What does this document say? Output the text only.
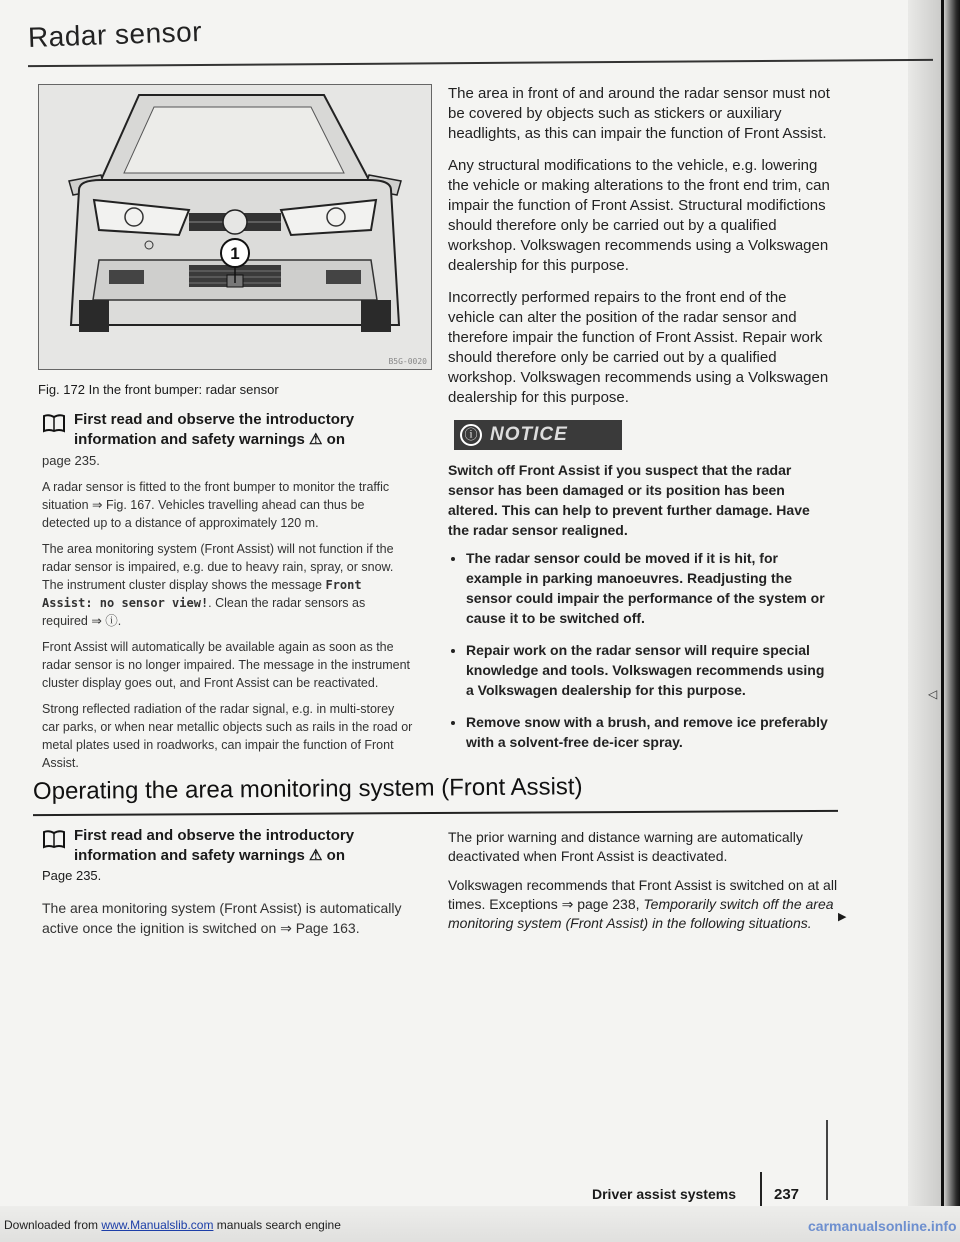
Radar sensor
1
B5G-0020
Fig. 172 In the front bumper: radar sensor
First read and observe the introductory information and safety warnings ⚠ on

page 235.

A radar sensor is fitted to the front bumper to monitor the traffic situation ⇒ Fig. 167. Vehicles travelling ahead can thus be detected up to a distance of approximately 120 m.

The area monitoring system (Front Assist) will not function if the radar sensor is impaired, e.g. due to heavy rain, spray, or snow. The instrument cluster display shows the message Front Assist: no sensor view!. Clean the radar sensors as required ⇒ ⓘ.

Front Assist will automatically be available again as soon as the radar sensor is no longer impaired. The message in the instrument cluster display goes out, and Front Assist can be reactivated.

Strong reflected radiation of the radar signal, e.g. in multi-storey car parks, or when near metallic objects such as rails in the road or metal plates used in roadworks, can impair the function of Front Assist.

The area in front of and around the radar sensor must not be covered by objects such as stickers or auxiliary headlights, as this can impair the function of Front Assist.

Any structural modifications to the vehicle, e.g. lowering the vehicle or making alterations to the front end trim, can impair the function of Front Assist. Structural modifictions should therefore only be carried out by a qualified workshop. Volkswagen recommends using a Volkswagen dealership for this purpose.

Incorrectly performed repairs to the front end of the vehicle can alter the position of the radar sensor and therefore impair the function of Front Assist. Repair work should therefore only be carried out by a qualified workshop. Volkswagen recommends using a Volkswagen dealership for this purpose.

ⓘ NOTICE
Switch off Front Assist if you suspect that the radar sensor has been damaged or its position has been altered. This can help to prevent further damage. Have the radar sensor realigned.
• The radar sensor could be moved if it is hit, for example in parking manoeuvres. Readjusting the sensor could impair the performance of the system or cause it to be switched off.
• Repair work on the radar sensor will require special knowledge and tools. Volkswagen recommends using a Volkswagen dealership for this purpose.
• Remove snow with a brush, and remove ice preferably with a solvent-free de-icer spray.
◁
Operating the area monitoring system (Front Assist)
First read and observe the introductory information and safety warnings ⚠ on

Page 235.

The area monitoring system (Front Assist) is automatically active once the ignition is switched on ⇒ Page 163.

The prior warning and distance warning are automatically deactivated when Front Assist is deactivated.

Volkswagen recommends that Front Assist is switched on at all times. Exceptions ⇒ page 238, Temporarily switch off the area monitoring system (Front Assist) in the following situations.	▶
Driver assist systems	237
Downloaded from www.Manualslib.com manuals search engine	carmanualsonline.info
